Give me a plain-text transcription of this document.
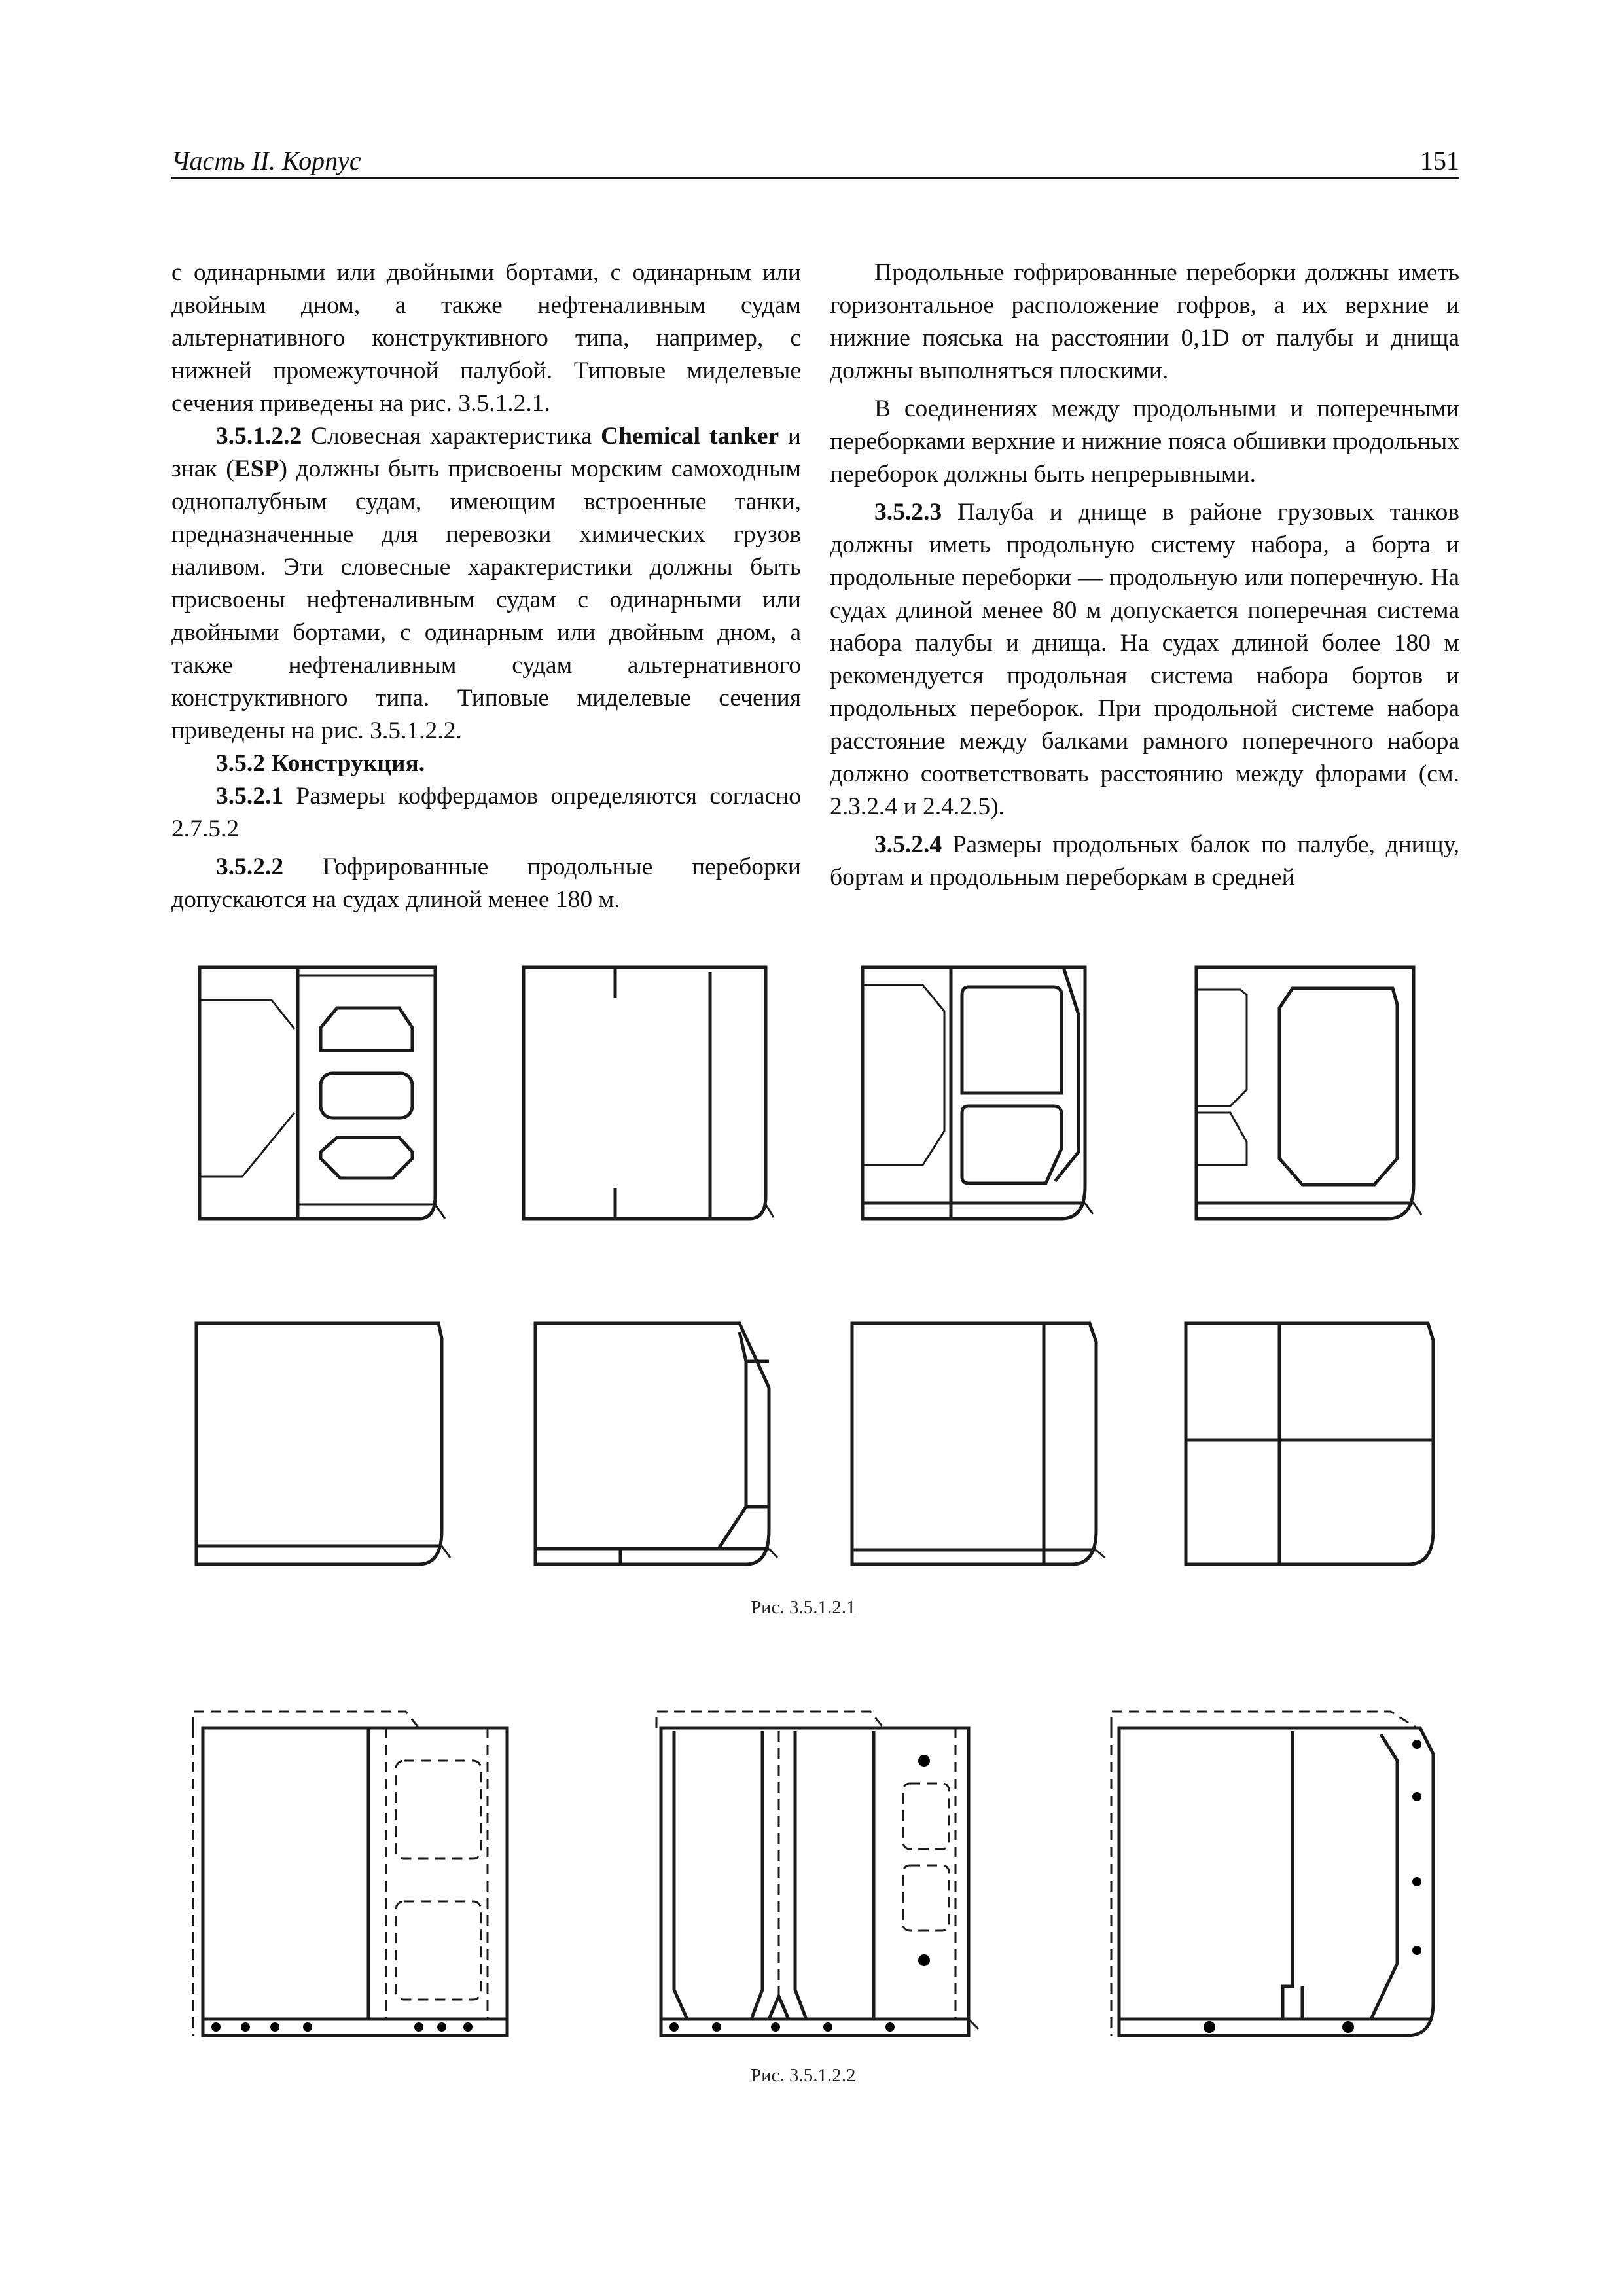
Часть II. Корпус	151

с одинарными или двойными бортами, с одинарным или двойным дном, а также нефтеналивным судам альтернативного конструктивного типа, например, с нижней промежуточной палубой. Типовые миделевые сечения приведены на рис. 3.5.1.2.1.

3.5.1.2.2 Словесная характеристика Chemical tanker и знак (ESP) должны быть присвоены морским самоходным однопалубным судам, имеющим встроенные танки, предназначенные для перевозки химических грузов наливом. Эти словесные характеристики должны быть присвоены нефтеналивным судам с одинарными или двойными бортами, с одинарным или двойным дном, а также нефтеналивным судам альтернативного конструктивного типа. Типовые миделевые сечения приведены на рис. 3.5.1.2.2.

3.5.2 Конструкция.

3.5.2.1 Размеры коффердамов определяются согласно 2.7.5.2

3.5.2.2 Гофрированные продольные переборки допускаются на судах длиной менее 180 м.

Продольные гофрированные переборки должны иметь горизонтальное расположение гофров, а их верхние и нижние пояська на расстоянии 0,1D от палубы и днища должны выполняться плоскими.

В соединениях между продольными и поперечными переборками верхние и нижние пояса обшивки продольных переборок должны быть непрерывными.

3.5.2.3 Палуба и днище в районе грузовых танков должны иметь продольную систему набора, а борта и продольные переборки — продольную или поперечную. На судах длиной менее 80 м допускается поперечная система набора палубы и днища. На судах длиной более 180 м рекомендуется продольная система набора бортов и продольных переборок. При продольной системе набора расстояние между балками рамного поперечного набора должно соответствовать расстоянию между флорами (см. 2.3.2.4 и 2.4.2.5).

3.5.2.4 Размеры продольных балок по палубе, днищу, бортам и продольным переборкам в средней

Рис. 3.5.1.2.1
Рис. 3.5.1.2.2
